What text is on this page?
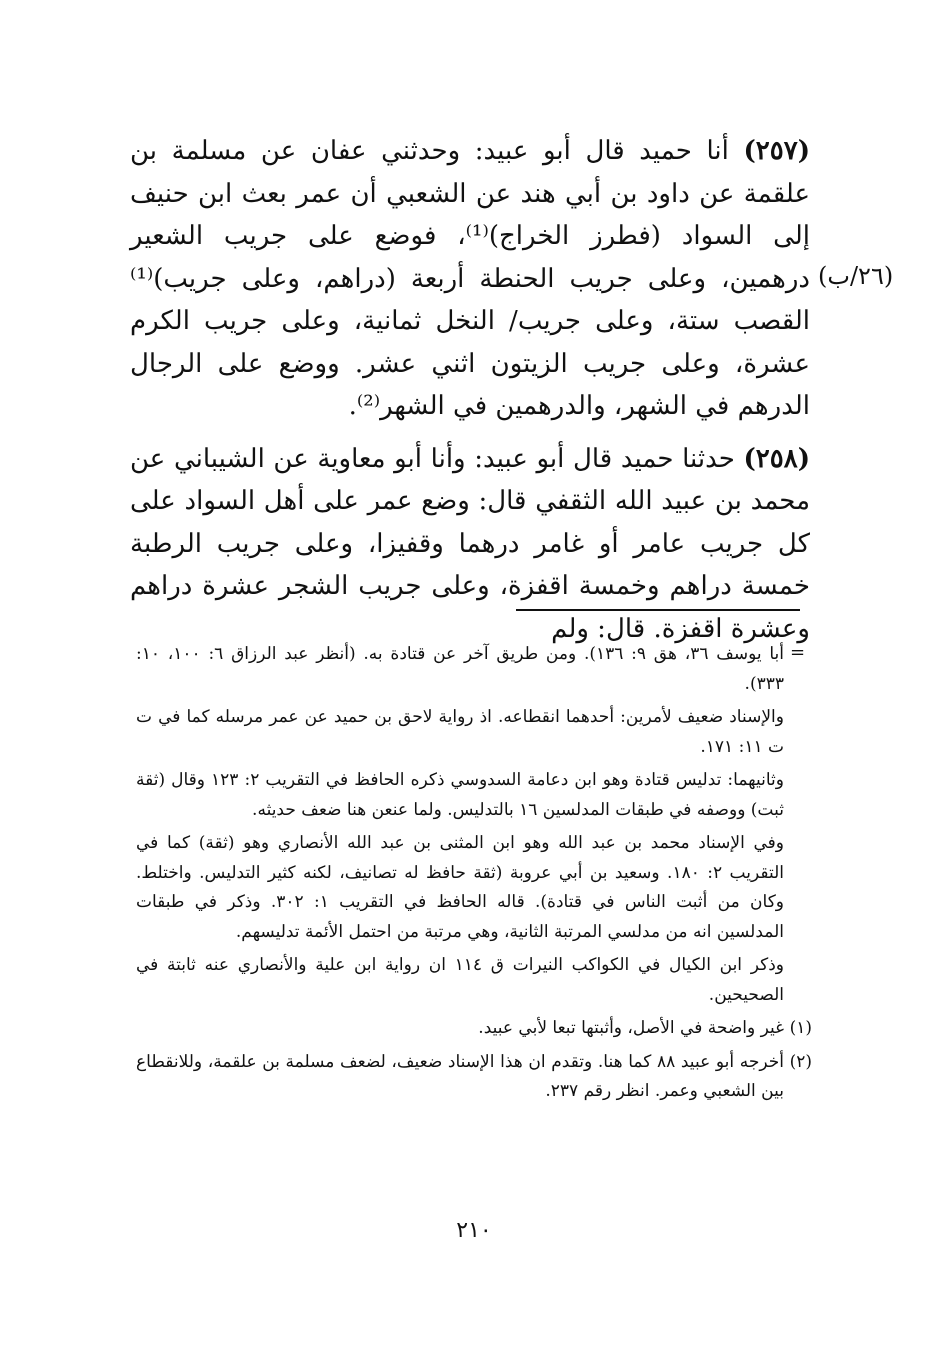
(٢٥٧) أنا حميد قال أبو عبيد: وحدثني عفان عن مسلمة بن علقمة عن داود بن أبي هند عن الشعبي أن عمر بعث ابن حنيف إلى السواد (فطرز الخراج)⁽¹⁾، فوضع على جريب الشعير درهمين، وعلى جريب الحنطة أربعة (دراهم، وعلى جريب)⁽¹⁾ القصب ستة، وعلى جريب/ النخل ثمانية، وعلى جريب الكرم عشرة، وعلى جريب الزيتون اثني عشر. ووضع على الرجال الدرهم في الشهر، والدرهمين في الشهر⁽²⁾.

(٢٥٨) حدثنا حميد قال أبو عبيد: وأنا أبو معاوية عن الشيباني عن محمد بن عبيد الله الثقفي قال: وضع عمر على أهل السواد على كل جريب عامر أو غامر درهما وقفيزا، وعلى جريب الرطبة خمسة دراهم وخمسة اقفزة، وعلى جريب الشجر عشرة دراهم وعشرة اقفزة. قال: ولم

(٢٦/ب)
=
أبا يوسف ٣٦، هق ٩: ١٣٦). ومن طريق آخر عن قتادة به. (أنظر عبد الرزاق ٦: ١٠٠، ١٠: ٣٣٣).
والإسناد ضعيف لأمرين: أحدهما انقطاعه. اذ رواية لاحق بن حميد عن عمر مرسله كما في ت ت ١١: ١٧١.
وثانيهما: تدليس قتادة وهو ابن دعامة السدوسي ذكره الحافظ في التقريب ٢: ١٢٣ وقال (ثقة ثبت) ووصفه في طبقات المدلسين ١٦ بالتدليس. ولما عنعن هنا ضعف حديثه.
وفي الإسناد محمد بن عبد الله وهو ابن المثنى بن عبد الله الأنصاري وهو (ثقة) كما في التقريب ٢: ١٨٠. وسعيد بن أبي عروبة (ثقة حافظ له تصانيف، لكنه كثير التدليس. واختلط. وكان من أثبت الناس في قتادة). قاله الحافظ في التقريب ١: ٣٠٢. وذكر في طبقات المدلسين انه من مدلسي المرتبة الثانية، وهي مرتبة من احتمل الأئمة تدليسهم.
وذكر ابن الكيال في الكواكب النيرات ق ١١٤ ان رواية ابن علية والأنصاري عنه ثابتة في الصحيحين.
(١)
غير واضحة في الأصل، وأثبتها تبعا لأبي عبيد.
(٢)
أخرجه أبو عبيد ٨٨ كما هنا. وتقدم ان هذا الإسناد ضعيف، لضعف مسلمة بن علقمة، وللانقطاع بين الشعبي وعمر. انظر رقم ٢٣٧.
٢١٠
